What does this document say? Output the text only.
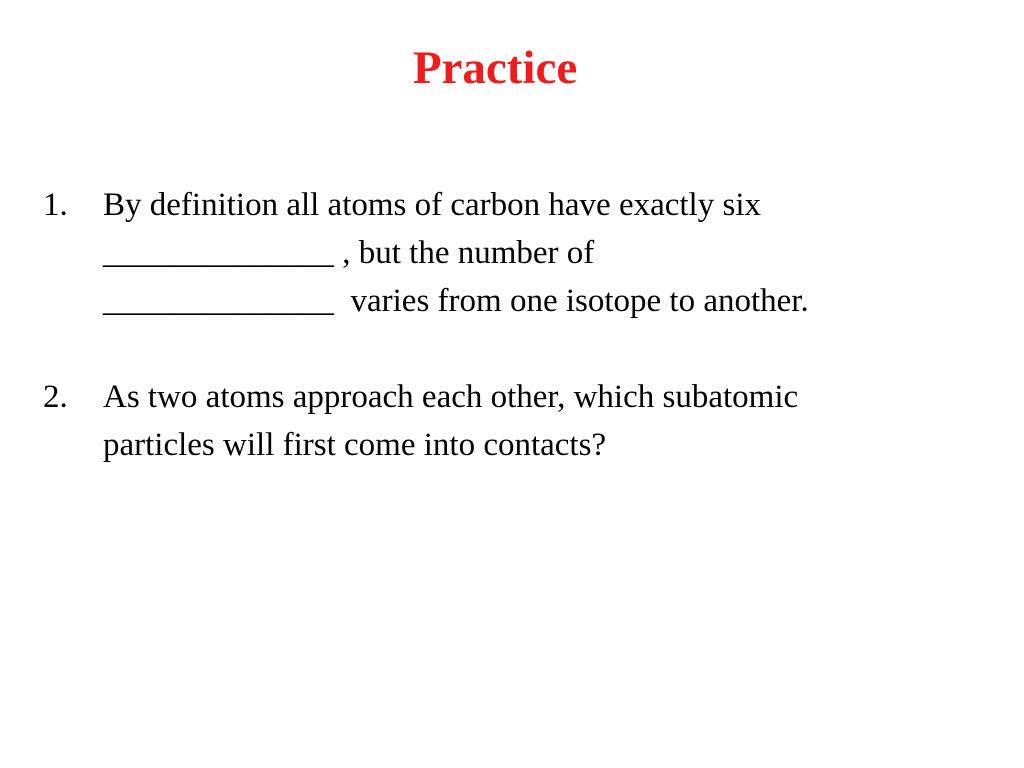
Practice
1.	By definition all atoms of carbon have exactly six
______________ , but the number of
______________  varies from one isotope to another.
2.	As two atoms approach each other, which subatomic
particles will first come into contacts?
